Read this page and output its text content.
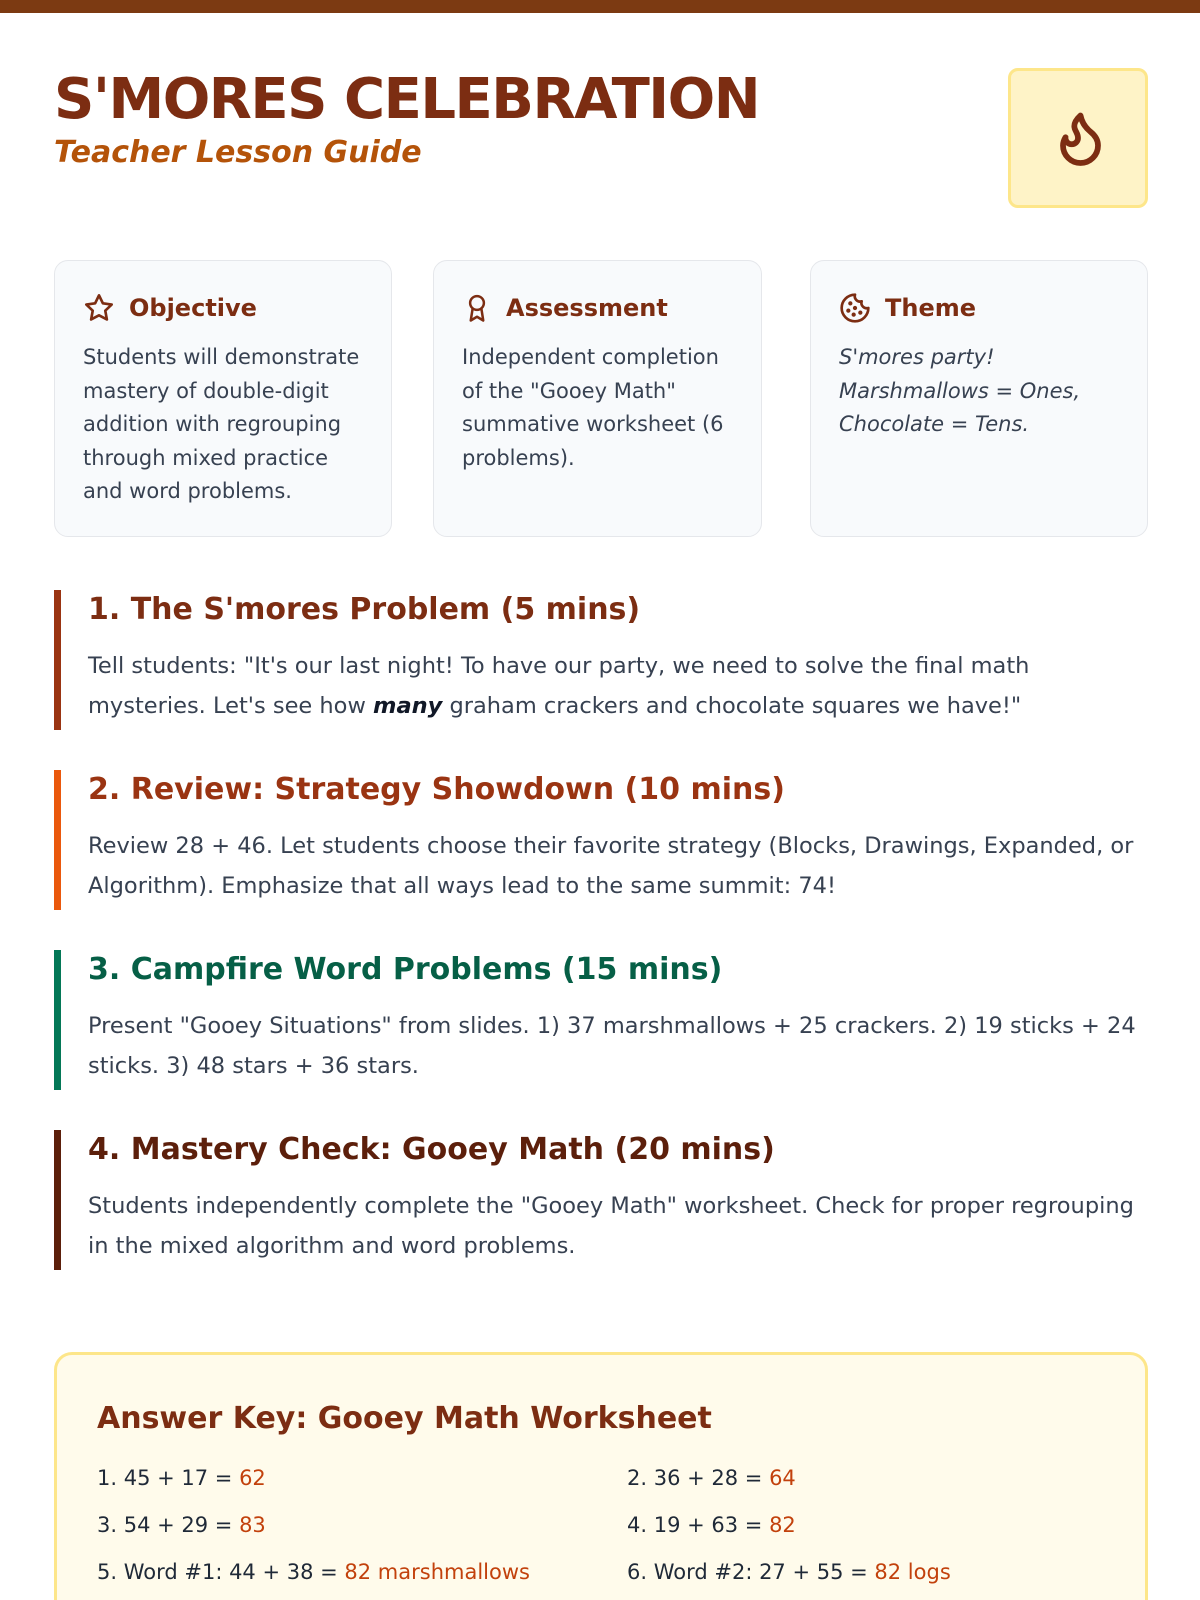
S'MORES CELEBRATION
Teacher Lesson Guide
Objective
Students will demonstrate mastery of double-digit addition with regrouping through mixed practice and word problems.
Assessment
Independent completion of the "Gooey Math" summative worksheet (6 problems).
Theme
S'mores party! Marshmallows = Ones, Chocolate = Tens.
1. The S'mores Problem (5 mins)
Tell students: "It's our last night! To have our party, we need to solve the final math mysteries. Let's see how many graham crackers and chocolate squares we have!"
2. Review: Strategy Showdown (10 mins)
Review 28 + 46. Let students choose their favorite strategy (Blocks, Drawings, Expanded, or Algorithm). Emphasize that all ways lead to the same summit: 74!
3. Campfire Word Problems (15 mins)
Present "Gooey Situations" from slides. 1) 37 marshmallows + 25 crackers. 2) 19 sticks + 24 sticks. 3) 48 stars + 36 stars.
4. Mastery Check: Gooey Math (20 mins)
Students independently complete the "Gooey Math" worksheet. Check for proper regrouping in the mixed algorithm and word problems.
Answer Key: Gooey Math Worksheet
1. 45 + 17 = 62	2. 36 + 28 = 64
3. 54 + 29 = 83	4. 19 + 63 = 82
5. Word #1: 44 + 38 = 82 marshmallows	6. Word #2: 27 + 55 = 82 logs
